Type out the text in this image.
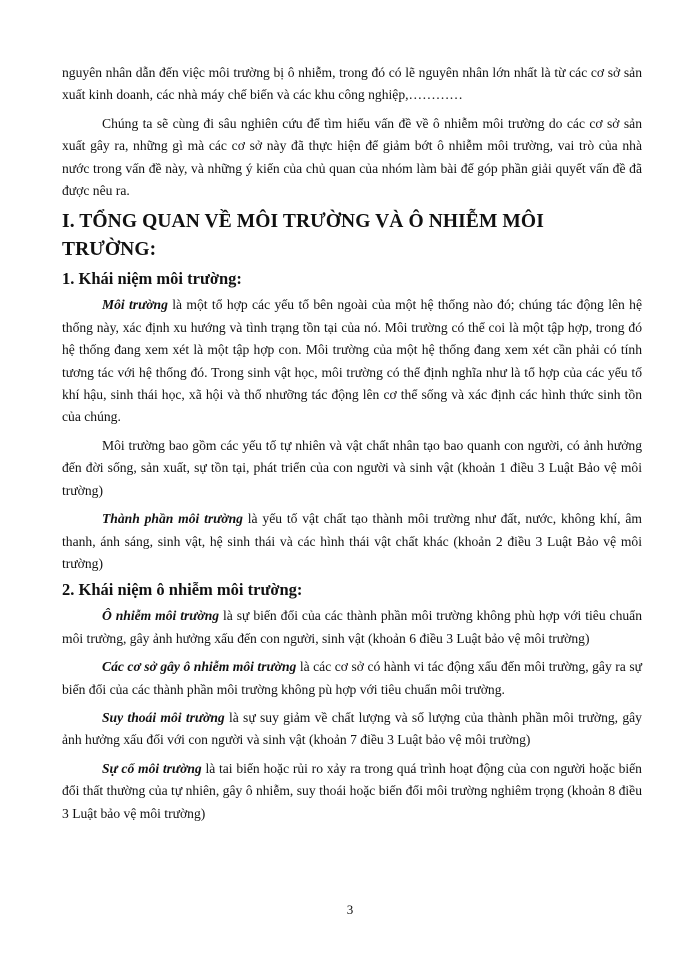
nguyên nhân dẫn đến việc môi trường bị ô nhiễm, trong đó có lẽ nguyên nhân lớn nhất là từ các cơ sở sản xuất kinh doanh, các nhà máy chế biến và các khu công nghiệp,…………

Chúng ta sẽ cùng đi sâu nghiên cứu để tìm hiểu vấn đề về ô nhiễm môi trường do các cơ sở sản xuất gây ra, những gì mà các cơ sở này đã thực hiện để giảm bớt ô nhiễm môi trường, vai trò của nhà nước trong vấn đề này, và những ý kiến của chủ quan của nhóm làm bài để góp phần giải quyết vấn đề đã được nêu ra.

I. TỔNG QUAN VỀ MÔI TRƯỜNG VÀ Ô NHIỄM MÔI TRƯỜNG:
1. Khái niệm môi trường:

Môi trường là một tổ hợp các yếu tố bên ngoài của một hệ thống nào đó; chúng tác động lên hệ thống này, xác định xu hướng và tình trạng tồn tại của nó. Môi trường có thể coi là một tập hợp, trong đó hệ thống đang xem xét là một tập hợp con. Môi trường của một hệ thống đang xem xét cần phải có tính tương tác với hệ thống đó. Trong sinh vật học, môi trường có thể định nghĩa như là tổ hợp của các yếu tố khí hậu, sinh thái học, xã hội và thổ nhưỡng tác động lên cơ thể sống và xác định các hình thức sinh tồn của chúng.

Môi trường bao gồm các yếu tố tự nhiên và vật chất nhân tạo bao quanh con người, có ảnh hưởng đến đời sống, sản xuất, sự tồn tại, phát triển của con người và sinh vật (khoản 1 điều 3 Luật Bảo vệ môi trường)

Thành phần môi trường là yếu tố vật chất tạo thành môi trường như đất, nước, không khí, âm thanh, ánh sáng, sinh vật, hệ sinh thái và các hình thái vật chất khác (khoản 2 điều 3 Luật Bảo vệ môi trường)

2. Khái niệm ô nhiễm môi trường:

Ô nhiễm môi trường là sự biến đổi của các thành phần môi trường không phù hợp với tiêu chuẩn môi trường, gây ảnh hưởng xấu đến con người, sinh vật (khoản 6 điều 3 Luật bảo vệ môi trường)

Các cơ sở gây ô nhiễm môi trường là các cơ sở có hành vi tác động xấu đến môi trường, gây ra sự biến đổi của các thành phần môi trường không pù hợp với tiêu chuẩn môi trường.

Suy thoái môi trường là sự suy giảm về chất lượng và số lượng của thành phần môi trường, gây ảnh hưởng xấu đối với con người và sinh vật (khoản 7 điều 3 Luật bảo vệ môi trường)

Sự cố môi trường là tai biến hoặc rủi ro xảy ra trong quá trình hoạt động của con người hoặc biến đổi thất thường của tự nhiên, gây ô nhiễm, suy thoái hoặc biến đổi môi trường nghiêm trọng (khoản 8 điều 3 Luật bảo vệ môi trường)

3
